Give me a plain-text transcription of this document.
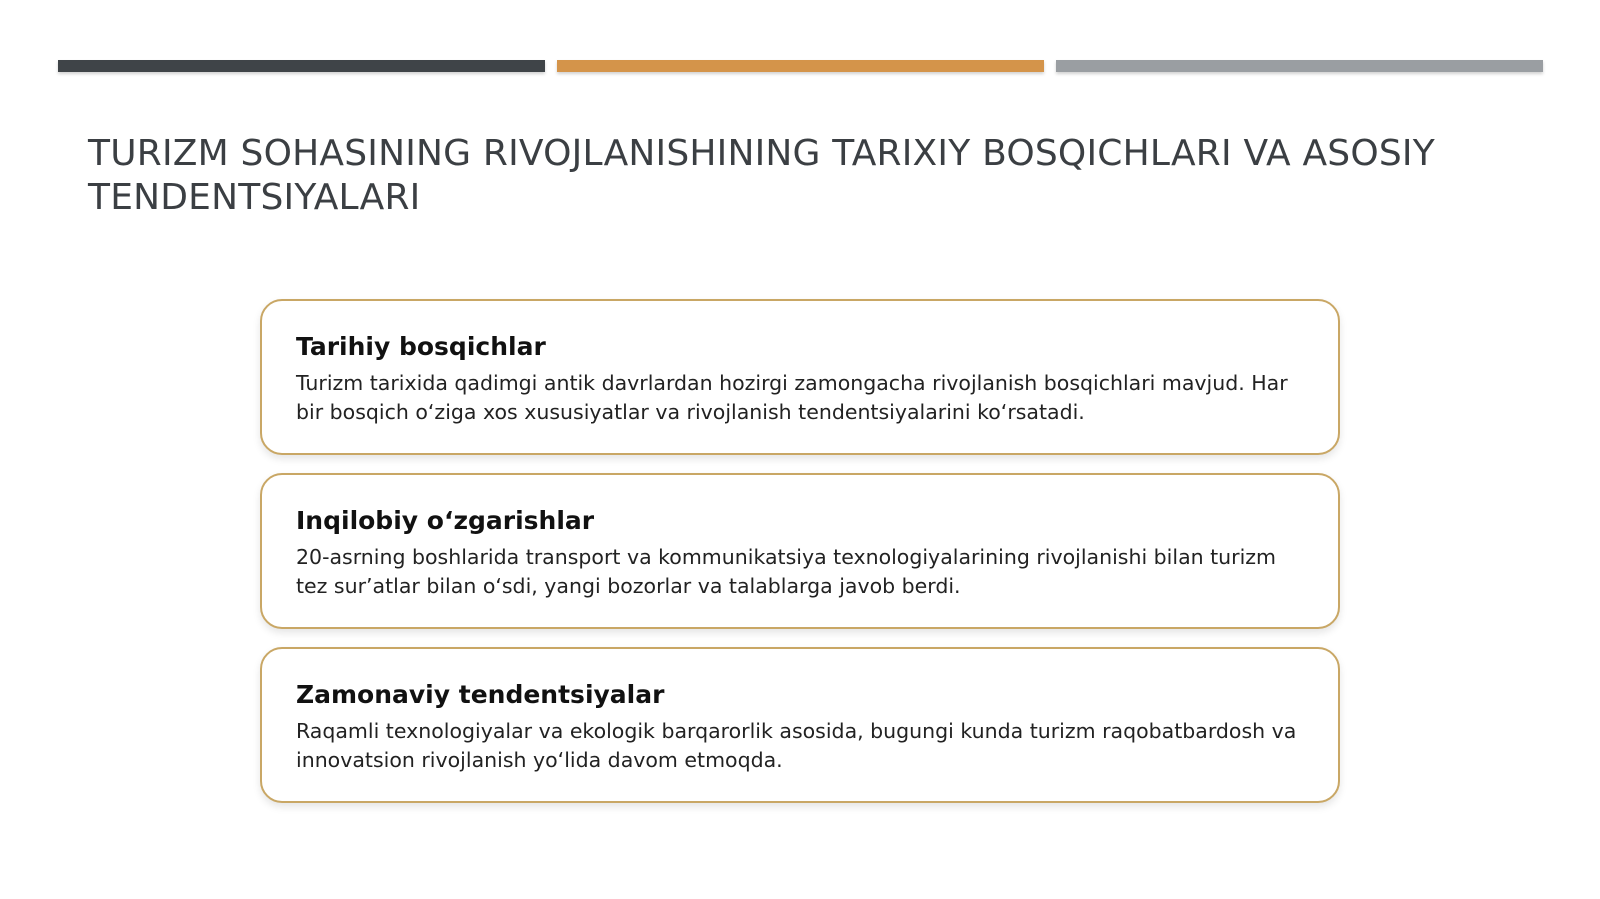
TURIZM SOHASINING RIVOJLANISHINING TARIXIY BOSQICHLARI VA ASOSIY TENDENTSIYALARI
Tarihiy bosqichlar

Turizm tarixida qadimgi antik davrlardan hozirgi zamongacha rivojlanish bosqichlari mavjud. Har bir bosqich o‘ziga xos xususiyatlar va rivojlanish tendentsiyalarini ko‘rsatadi.

Inqilobiy o‘zgarishlar

20-asrning boshlarida transport va kommunikatsiya texnologiyalarining rivojlanishi bilan turizm tez sur’atlar bilan o‘sdi, yangi bozorlar va talablarga javob berdi.

Zamonaviy tendentsiyalar

Raqamli texnologiyalar va ekologik barqarorlik asosida, bugungi kunda turizm raqobatbardosh va innovatsion rivojlanish yo‘lida davom etmoqda.
